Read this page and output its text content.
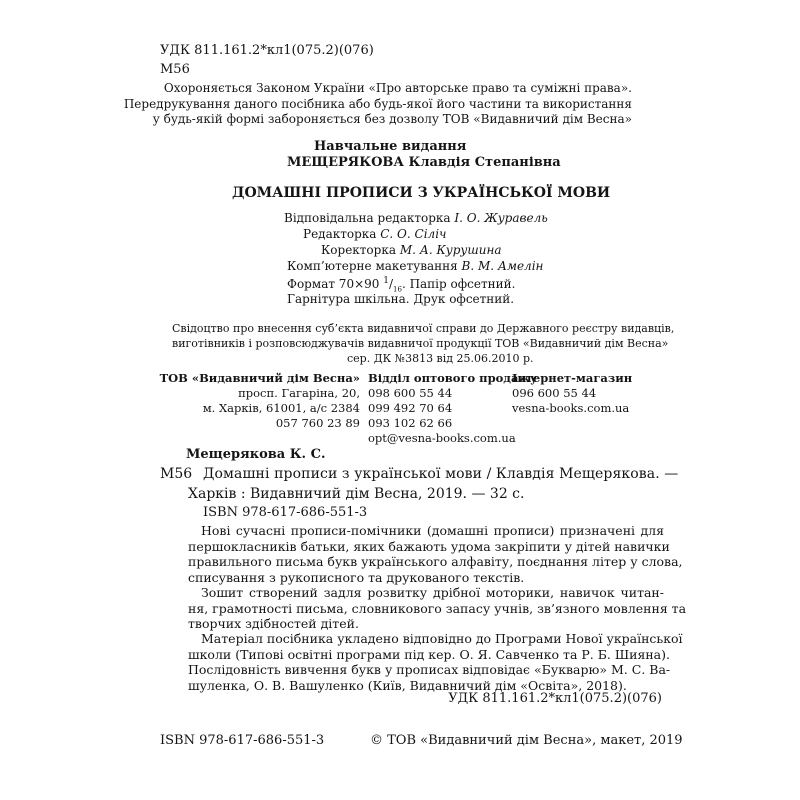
УДК 811.161.2*кл1(075.2)(076)
М56
Охороняється Законом України «Про авторське право та суміжні права».
Передрукування даного посібника або будь-якої його частини та використання
у будь-якій формі забороняється без дозволу ТОВ «Видавничий дім Весна»
Навчальне видання
МЕЩЕРЯКОВА Клавдія Степанівна
ДОМАШНІ ПРОПИСИ З УКРАЇНСЬКОЇ МОВИ
Відповідальна редакторка І. О. Журавель
Редакторка С. О. Сіліч
Коректорка М. А. Курушина
Комп’ютерне макетування В. М. Амелін
Формат 70×90 $^1/_{16}$. Папір офсетний.
Гарнітура шкільна. Друк офсетний.
Свідоцтво про внесення суб’єкта видавничої справи до Державного реєстру видавців,
виготівників і розповсюджувачів видавничої продукції ТОВ «Видавничий дім Весна»
сер. ДК №3813 від 25.06.2010 р.
ТОВ «Видавничий дім Весна»
просп. Гагаріна, 20,
м. Харків, 61001, а/с 2384
057 760 23 89
Відділ оптового продажу
098 600 55 44
099 492 70 64
093 102 62 66
opt@vesna-books.com.ua
Інтернет-магазин
096 600 55 44
vesna-books.com.ua
Мещерякова К. С.
М56 Домашні прописи з української мови / Клавдія Мещерякова. —
Харків : Видавничий дім Весна, 2019. — 32 с.
ISBN 978-617-686-551-3
Нові сучасні прописи-помічники (домашні прописи) призначені для
першокласників батьки, яких бажають удома закріпити у дітей навички
правильного письма букв українського алфавіту, поєднання літер у слова,
списування з рукописного та друкованого текстів.
Зошит створений задля розвитку дрібної моторики, навичок читан-
ня, грамотності письма, словникового запасу учнів, зв’язного мовлення та
творчих здібностей дітей.
Матеріал посібника укладено відповідно до Програми Нової української
школи (Типові освітні програми під кер. О. Я. Савченко та Р. Б. Шияна).
Послідовність вивчення букв у прописах відповідає «Букварю» М. С. Ва-
шуленка, О. В. Вашуленко (Київ, Видавничий дім «Освіта», 2018).
УДК 811.161.2*кл1(075.2)(076)
ISBN 978-617-686-551-3	© ТОВ «Видавничий дім Весна», макет, 2019
